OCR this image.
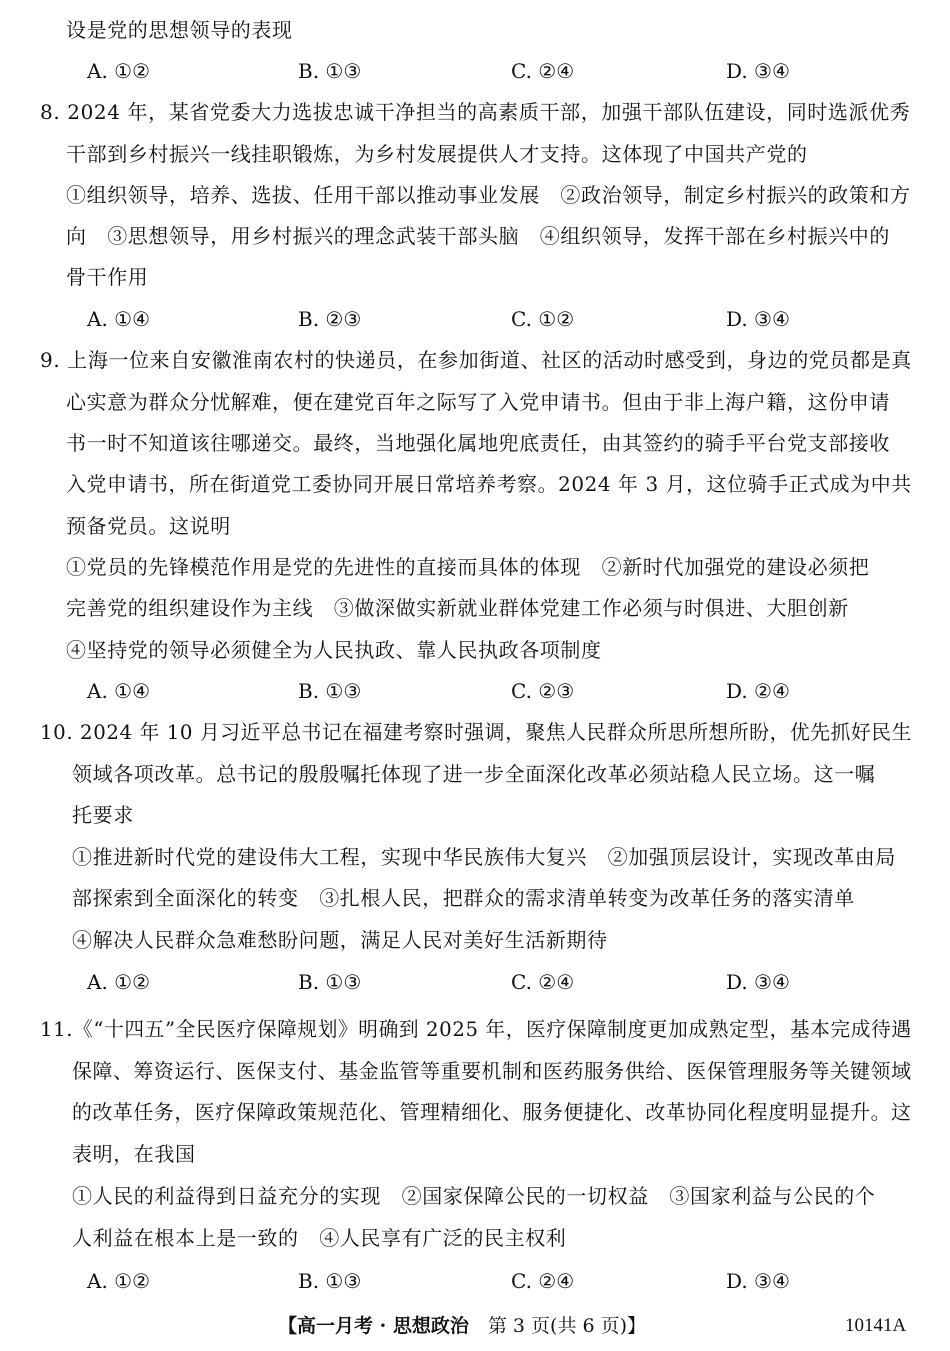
设是党的思想领导的表现
A. ①②	B. ①③	C. ②④	D. ③④
8. 2024 年，某省党委大力选拔忠诚干净担当的高素质干部，加强干部队伍建设，同时选派优秀
干部到乡村振兴一线挂职锻炼，为乡村发展提供人才支持。这体现了中国共产党的
①组织领导，培养、选拔、任用干部以推动事业发展　②政治领导，制定乡村振兴的政策和方
向　③思想领导，用乡村振兴的理念武装干部头脑　④组织领导，发挥干部在乡村振兴中的
骨干作用
A. ①④	B. ②③	C. ①②	D. ③④
9. 上海一位来自安徽淮南农村的快递员，在参加街道、社区的活动时感受到，身边的党员都是真
心实意为群众分忧解难，便在建党百年之际写了入党申请书。但由于非上海户籍，这份申请
书一时不知道该往哪递交。最终，当地强化属地兜底责任，由其签约的骑手平台党支部接收
入党申请书，所在街道党工委协同开展日常培养考察。2024 年 3 月，这位骑手正式成为中共
预备党员。这说明
①党员的先锋模范作用是党的先进性的直接而具体的体现　②新时代加强党的建设必须把
完善党的组织建设作为主线　③做深做实新就业群体党建工作必须与时俱进、大胆创新
④坚持党的领导必须健全为人民执政、靠人民执政各项制度
A. ①④	B. ①③	C. ②③	D. ②④
10. 2024 年 10 月习近平总书记在福建考察时强调，聚焦人民群众所思所想所盼，优先抓好民生
领域各项改革。总书记的殷殷嘱托体现了进一步全面深化改革必须站稳人民立场。这一嘱
托要求
①推进新时代党的建设伟大工程，实现中华民族伟大复兴　②加强顶层设计，实现改革由局
部探索到全面深化的转变　③扎根人民，把群众的需求清单转变为改革任务的落实清单
④解决人民群众急难愁盼问题，满足人民对美好生活新期待
A. ①②	B. ①③	C. ②④	D. ③④
11.《“十四五”全民医疗保障规划》明确到 2025 年，医疗保障制度更加成熟定型，基本完成待遇
保障、筹资运行、医保支付、基金监管等重要机制和医药服务供给、医保管理服务等关键领域
的改革任务，医疗保障政策规范化、管理精细化、服务便捷化、改革协同化程度明显提升。这
表明，在我国
①人民的利益得到日益充分的实现　②国家保障公民的一切权益　③国家利益与公民的个
人利益在根本上是一致的　④人民享有广泛的民主权利
A. ①②	B. ①③	C. ②④	D. ③④
【高一月考 · 思想政治　 第 3 页(共 6 页)】	10141A
